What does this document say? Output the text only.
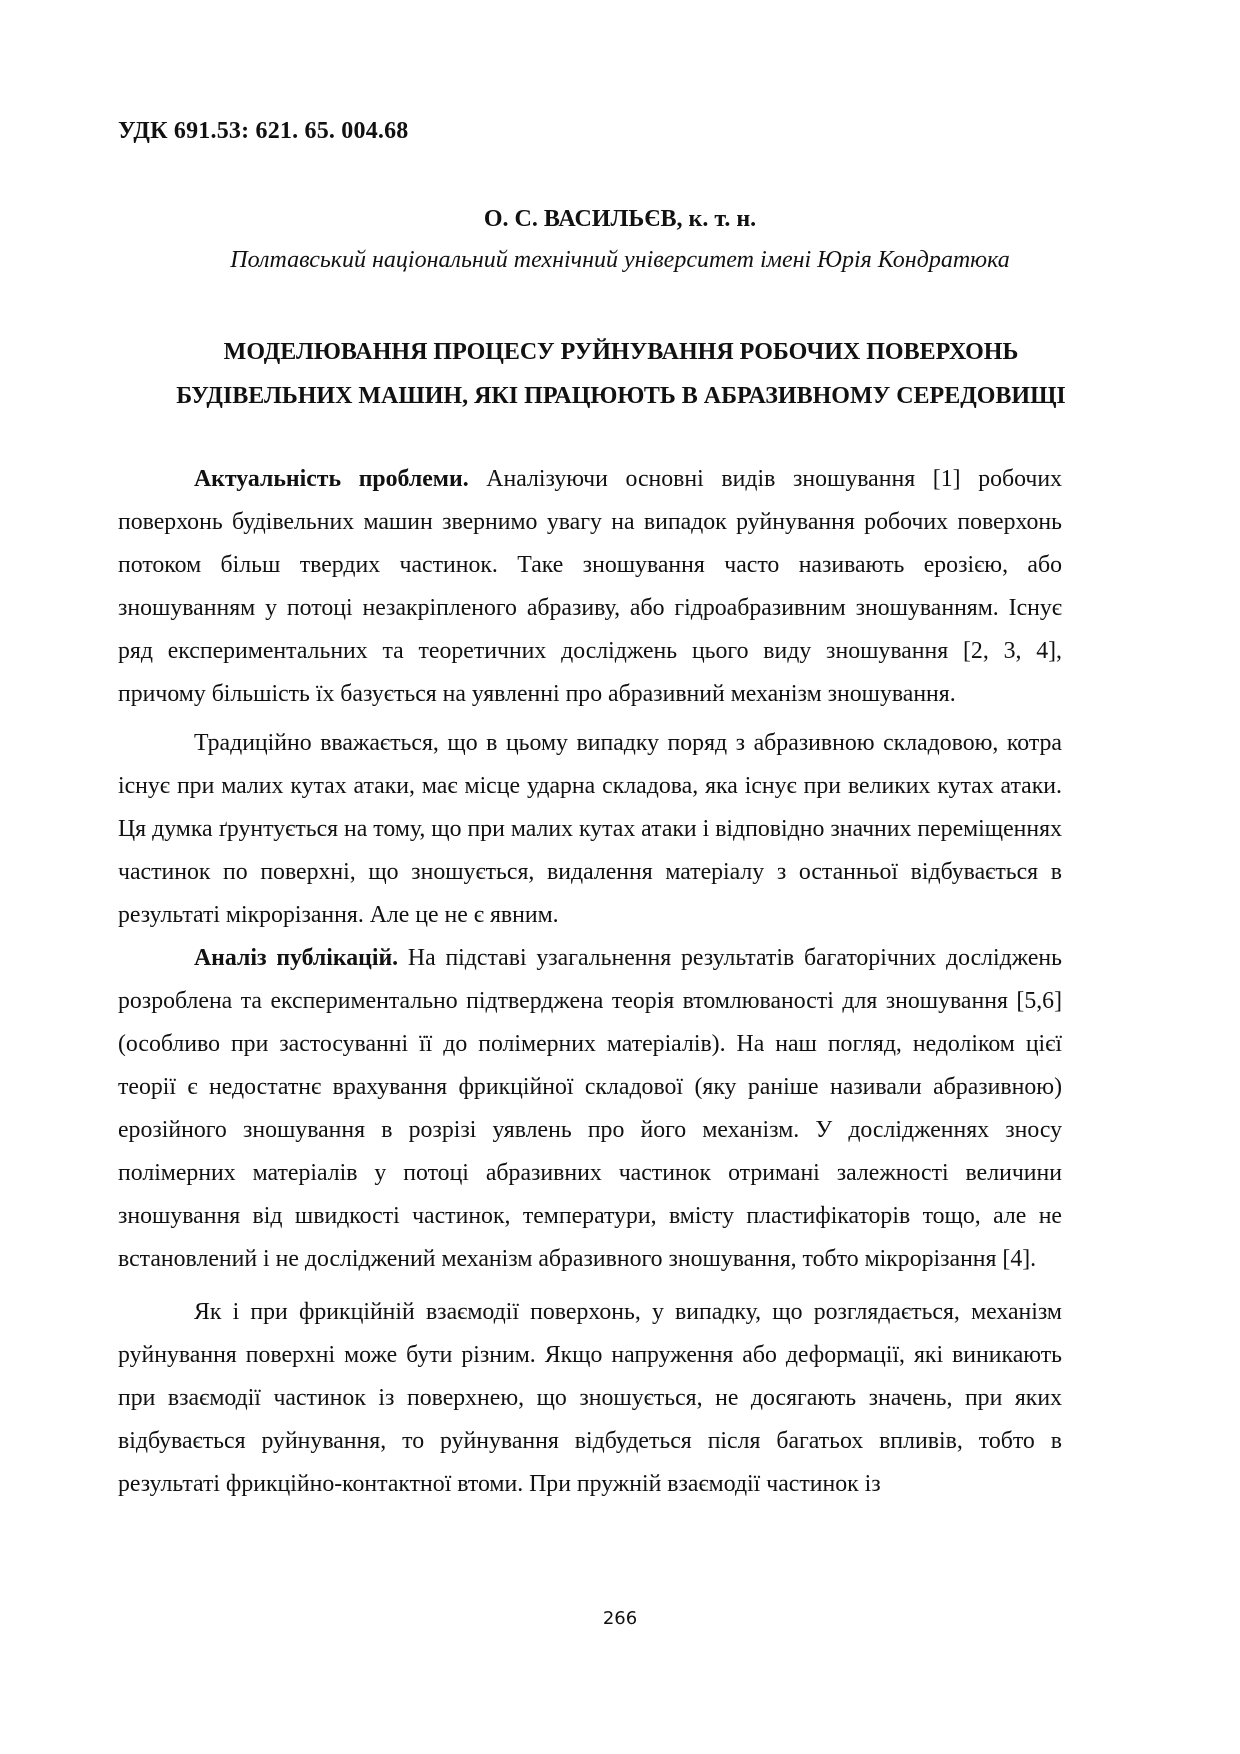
УДК 691.53: 621. 65. 004.68
О. С. ВАСИЛЬЄВ, к. т. н.
Полтавський національний технічний університет імені Юрія Кондратюка
МОДЕЛЮВАННЯ ПРОЦЕСУ РУЙНУВАННЯ РОБОЧИХ ПОВЕРХОНЬ
БУДІВЕЛЬНИХ МАШИН, ЯКІ ПРАЦЮЮТЬ В АБРАЗИВНОМУ СЕРЕДОВИЩІ

Актуальність проблеми. Аналізуючи основні видів зношування [1] робочих поверхонь будівельних машин звернимо увагу на випадок руйнування робочих поверхонь потоком більш твердих частинок. Таке зношування часто називають ерозією, або зношуванням у потоці незакріпленого абразиву, або гідроабразивним зношуванням. Існує ряд експериментальних та теоретичних досліджень цього виду зношування [2, 3, 4], причому більшість їх базується на уявленні про абразивний механізм зношування.

Традиційно вважається, що в цьому випадку поряд з абразивною складовою, котра існує при малих кутах атаки, має місце ударна складова, яка існує при великих кутах атаки. Ця думка ґрунтується на тому, що при малих кутах атаки і відповідно значних переміщеннях частинок по поверхні, що зношується, видалення матеріалу з останньої відбувається в результаті мікрорізання. Але це не є явним.

Аналіз публікацій. На підставі узагальнення результатів багаторічних досліджень розроблена та експериментально підтверджена теорія втомлюваності для зношування [5,6] (особливо при застосуванні її до полімерних матеріалів). На наш погляд, недоліком цієї теорії є недостатнє врахування фрикційної складової (яку раніше називали абразивною) ерозійного зношування в розрізі уявлень про його механізм. У дослідженнях зносу полімерних матеріалів у потоці абразивних частинок отримані залежності величини зношування від швидкості частинок, температури, вмісту пластифікаторів тощо, але не встановлений і не досліджений механізм абразивного зношування, тобто мікрорізання [4].

Як і при фрикційній взаємодії поверхонь, у випадку, що розглядається, механізм руйнування поверхні може бути різним. Якщо напруження або деформації, які виникають при взаємодії частинок із поверхнею, що зношується, не досягають значень, при яких відбувається руйнування, то руйнування відбудеться після багатьох впливів, тобто в результаті фрикційно-контактної втоми. При пружній взаємодії частинок із

266
